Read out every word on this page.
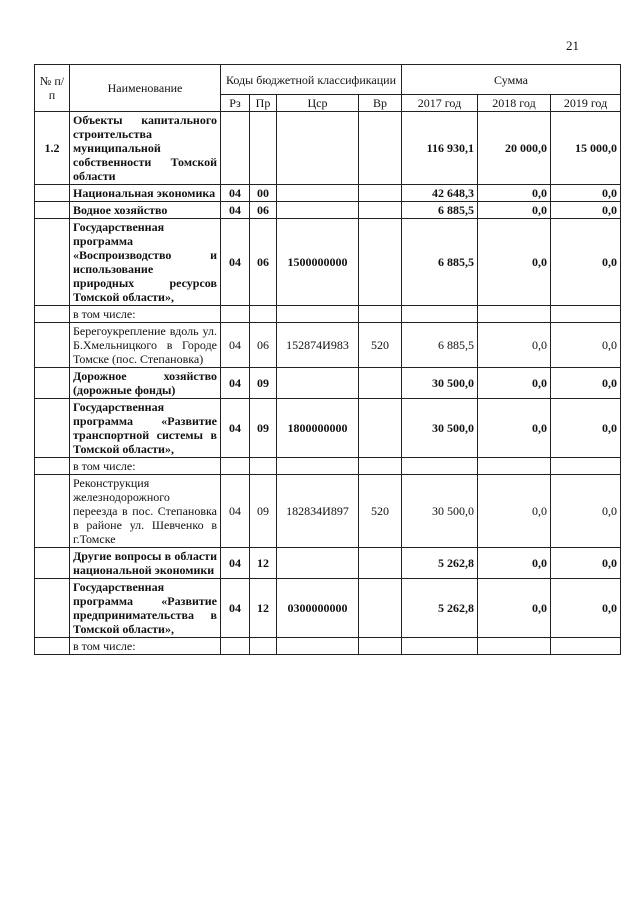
21
№ п/п	Наименование	Коды бюджетной классификации				Сумма		
		Рз	Пр	Цср	Вр	2017 год	2018 год	2019 год
1.2	Объекты капитального строительства муниципальной собственности Томской области					116 930,1	20 000,0	15 000,0
	Национальная экономика	04	00			42 648,3	0,0	0,0
	Водное хозяйство	04	06			6 885,5	0,0	0,0
	Государственная программа «Воспроизводство и использование природных ресурсов Томской области»,	04	06	1500000000		6 885,5	0,0	0,0
	в том числе:							
	Берегоукрепление вдоль ул. Б.Хмельницкого в Городе Томске (пос. Степановка)	04	06	152874И983	520	6 885,5	0,0	0,0
	Дорожное хозяйство (дорожные фонды)	04	09			30 500,0	0,0	0,0
	Государственная программа «Развитие транспортной системы в Томской области»,	04	09	1800000000		30 500,0	0,0	0,0
	в том числе:							
	Реконструкция железнодорожного переезда в пос. Степановка в районе ул. Шевченко в г.Томске	04	09	182834И897	520	30 500,0	0,0	0,0
	Другие вопросы в области национальной экономики	04	12			5 262,8	0,0	0,0
	Государственная программа «Развитие предпринимательства в Томской области»,	04	12	0300000000		5 262,8	0,0	0,0
	в том числе:							
